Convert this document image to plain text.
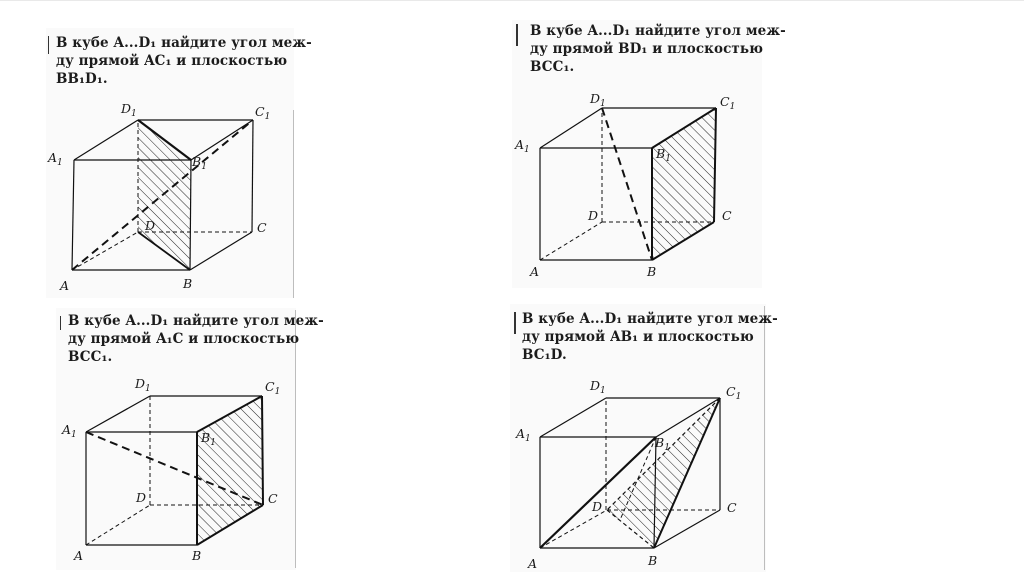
В кубе A...D₁ найдите угол меж-
ду прямой AC₁ и плоскостью
BB₁D₁.
В кубе A...D₁ найдите угол меж-
ду прямой BD₁ и плоскостью
BCC₁.
В кубе A...D₁ найдите угол меж-
ду прямой A₁C и плоскостью
BCC₁.
В кубе A...D₁ найдите угол меж-
ду прямой AB₁ и плоскостью
BC₁D.
A	B
C
D
$A_1$	$B_1$
$C_1$
$D_1$
A	B
C
D
$A_1$	$B_1$
$C_1$
$D_1$
A	B
C
D
$A_1$	$B_1$
$C_1$
$D_1$
A	B
C
D
$A_1$	$B_1$
$C_1$
$D_1$
